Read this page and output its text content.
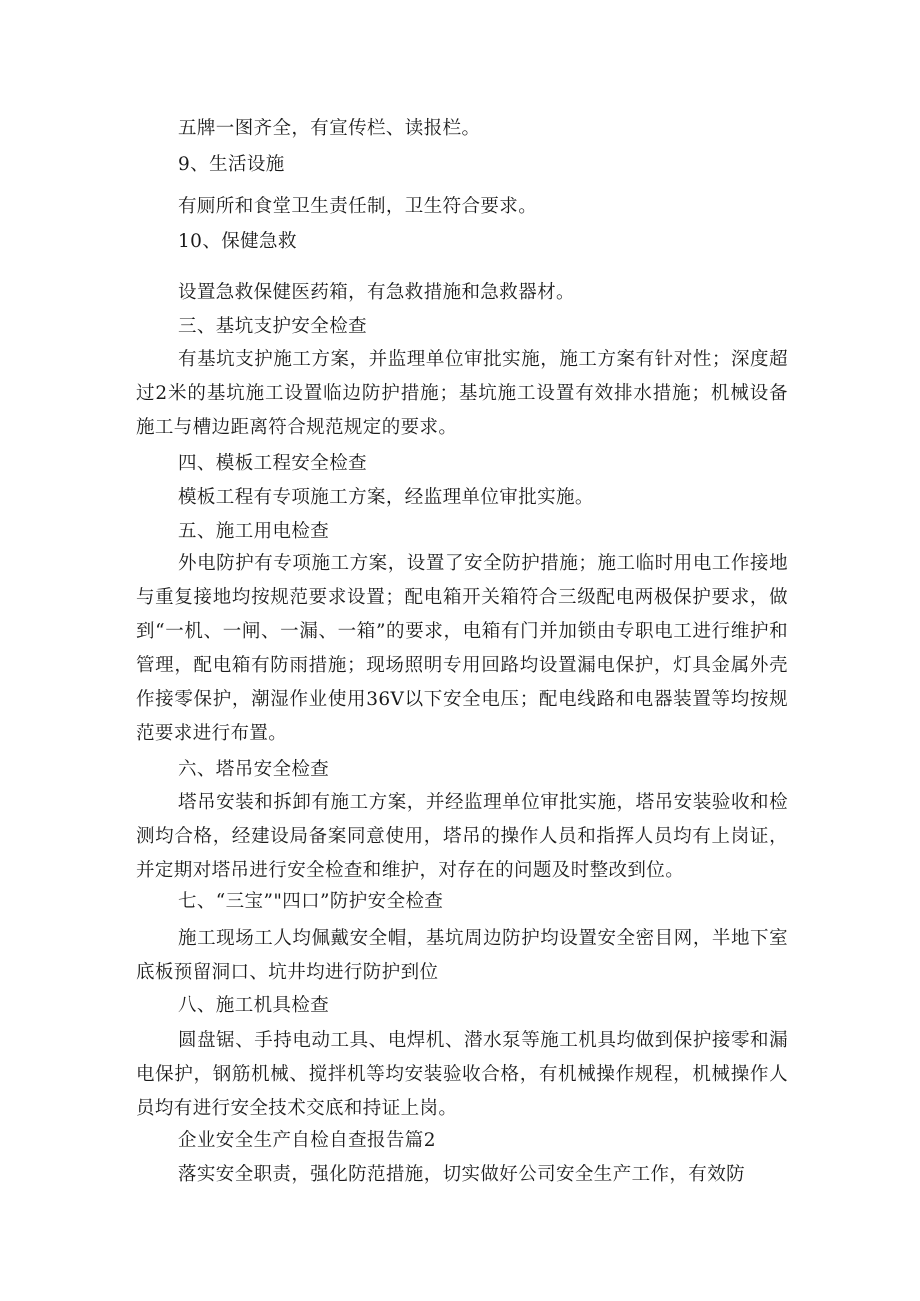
五牌一图齐全，有宣传栏、读报栏。
9、生活设施
有厕所和食堂卫生责任制，卫生符合要求。
10、保健急救
设置急救保健医药箱，有急救措施和急救器材。
三、基坑支护安全检查
有基坑支护施工方案，并监理单位审批实施，施工方案有针对性；深度超过2米的基坑施工设置临边防护措施；基坑施工设置有效排水措施；机械设备施工与槽边距离符合规范规定的要求。
四、模板工程安全检查
模板工程有专项施工方案，经监理单位审批实施。
五、施工用电检查
外电防护有专项施工方案，设置了安全防护措施；施工临时用电工作接地与重复接地均按规范要求设置；配电箱开关箱符合三级配电两极保护要求，做到“一机、一闸、一漏、一箱”的要求，电箱有门并加锁由专职电工进行维护和管理，配电箱有防雨措施；现场照明专用回路均设置漏电保护，灯具金属外壳作接零保护，潮湿作业使用36V以下安全电压；配电线路和电器装置等均按规范要求进行布置。
六、塔吊安全检查
塔吊安装和拆卸有施工方案，并经监理单位审批实施，塔吊安装验收和检测均合格，经建设局备案同意使用，塔吊的操作人员和指挥人员均有上岗证，并定期对塔吊进行安全检查和维护，对存在的问题及时整改到位。
七、“三宝”"四口”防护安全检查
施工现场工人均佩戴安全帽，基坑周边防护均设置安全密目网，半地下室底板预留洞口、坑井均进行防护到位
八、施工机具检查
圆盘锯、手持电动工具、电焊机、潜水泵等施工机具均做到保护接零和漏电保护，钢筋机械、搅拌机等均安装验收合格，有机械操作规程，机械操作人员均有进行安全技术交底和持证上岗。
企业安全生产自检自查报告篇2
落实安全职责，强化防范措施，切实做好公司安全生产工作，有效防
